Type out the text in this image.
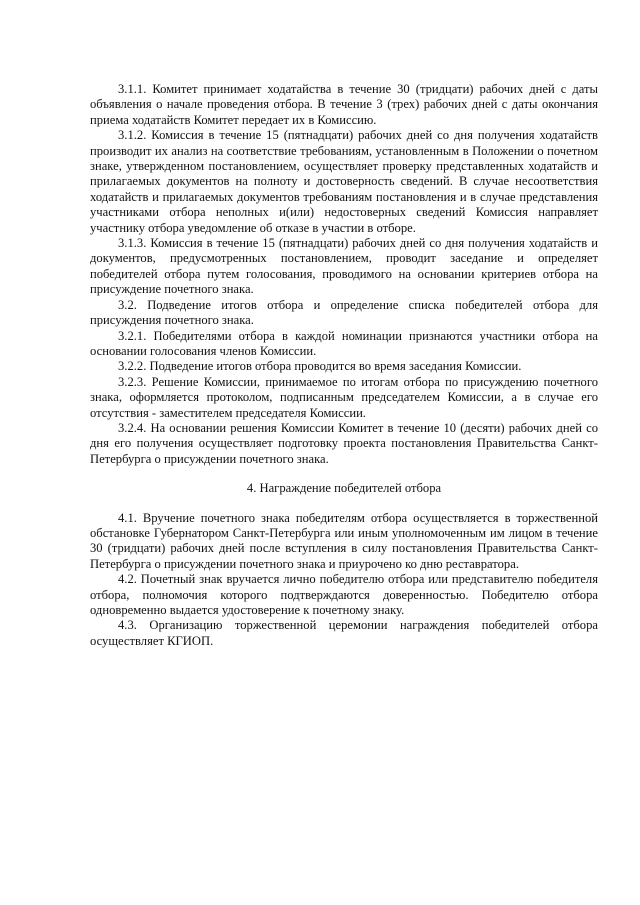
3.1.1. Комитет принимает ходатайства в течение 30 (тридцати) рабочих дней с даты объявления о начале проведения отбора. В течение 3 (трех) рабочих дней с даты окончания приема ходатайств Комитет передает их в Комиссию.

3.1.2. Комиссия в течение 15 (пятнадцати) рабочих дней со дня получения ходатайств производит их анализ на соответствие требованиям, установленным в Положении о почетном знаке, утвержденном постановлением, осуществляет проверку представленных ходатайств и прилагаемых документов на полноту и достоверность сведений. В случае несоответствия ходатайств и прилагаемых документов требованиям постановления и в случае представления участниками отбора неполных и(или) недостоверных сведений Комиссия направляет участнику отбора уведомление об отказе в участии в отборе.

3.1.3. Комиссия в течение 15 (пятнадцати) рабочих дней со дня получения ходатайств и документов, предусмотренных постановлением, проводит заседание и определяет победителей отбора путем голосования, проводимого на основании критериев отбора на присуждение почетного знака.

3.2. Подведение итогов отбора и определение списка победителей отбора для присуждения почетного знака.

3.2.1. Победителями отбора в каждой номинации признаются участники отбора на основании голосования членов Комиссии.

3.2.2. Подведение итогов отбора проводится во время заседания Комиссии.

3.2.3. Решение Комиссии, принимаемое по итогам отбора по присуждению почетного знака, оформляется протоколом, подписанным председателем Комиссии, а в случае его отсутствия - заместителем председателя Комиссии.

3.2.4. На основании решения Комиссии Комитет в течение 10 (десяти) рабочих дней со дня его получения осуществляет подготовку проекта постановления Правительства Санкт-Петербурга о присуждении почетного знака.

4. Награждение победителей отбора

4.1. Вручение почетного знака победителям отбора осуществляется в торжественной обстановке Губернатором Санкт-Петербурга или иным уполномоченным им лицом в течение 30 (тридцати) рабочих дней после вступления в силу постановления Правительства Санкт-Петербурга о присуждении почетного знака и приурочено ко дню реставратора.

4.2. Почетный знак вручается лично победителю отбора или представителю победителя отбора, полномочия которого подтверждаются доверенностью. Победителю отбора одновременно выдается удостоверение к почетному знаку.

4.3. Организацию торжественной церемонии награждения победителей отбора осуществляет КГИОП.
